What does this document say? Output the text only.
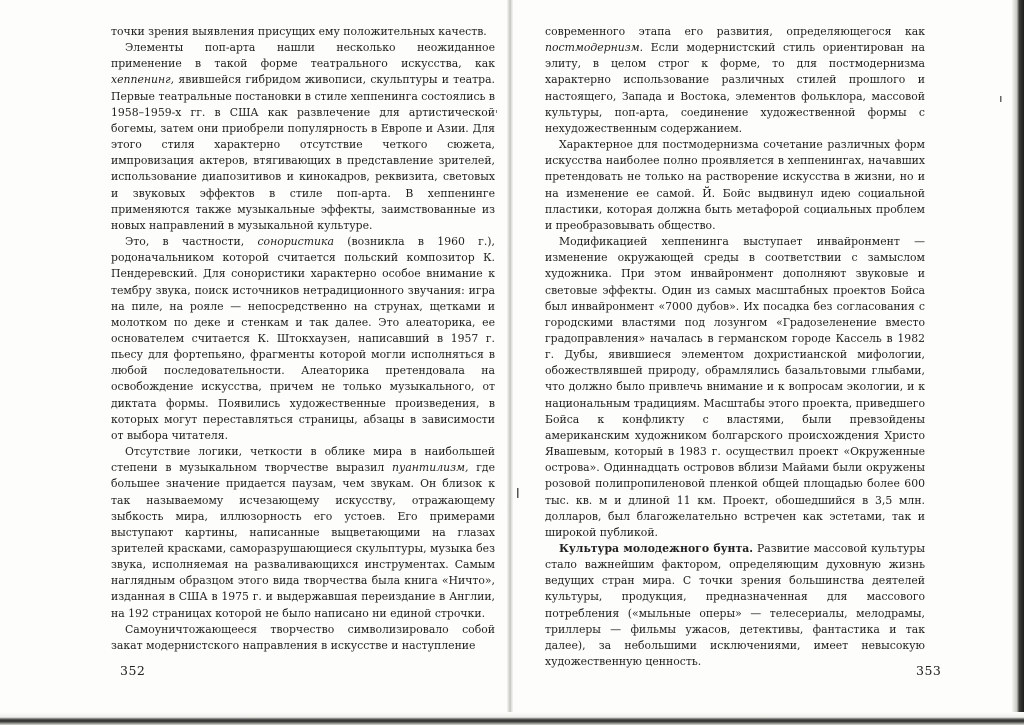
точки зрения выявления присущих ему положительных качеств.

Элементы поп-арта нашли несколько неожиданное применение в такой форме театрального искусства, как хеппенинг, явившейся гибридом живописи, скульптуры и театра. Первые театральные постановки в стиле хеппенинга состоялись в 1958–1959-х гг. в США как развлечение для артистической богемы, затем они приобрели популярность в Европе и Азии. Для этого стиля характерно отсутствие четкого сюжета, импровизация актеров, втягивающих в представление зрителей, использование диапозитивов и кинокадров, реквизита, световых и звуковых эффектов в стиле поп-арта. В хеппенинге применяются также музыкальные эффекты, заимствованные из новых направлений в музыкальной культуре.

Это, в частности, сонористика (возникла в 1960 г.), родоначальником которой считается польский композитор К. Пендеревский. Для сонористики характерно особое внимание к тембру звука, поиск источников нетрадиционного звучания: игра на пиле, на рояле — непосредственно на струнах, щетками и молотком по деке и стенкам и так далее. Это алеаторика, ее основателем считается К. Штокхаузен, написавший в 1957 г. пьесу для фортепьяно, фрагменты которой могли исполняться в любой последовательности. Алеаторика претендовала на освобождение искусства, причем не только музыкального, от диктата формы. Появились художественные произведения, в которых могут переставляться страницы, абзацы в зависимости от выбора читателя.

Отсутствие логики, четкости в облике мира в наибольшей степени в музыкальном творчестве выразил пуантилизм, где большее значение придается паузам, чем звукам. Он близок к так называемому исчезающему искусству, отражающему зыбкость мира, иллюзорность его устоев. Его примерами выступают картины, написанные выцветающими на глазах зрителей красками, саморазрушающиеся скульптуры, музыка без звука, исполняемая на разваливающихся инструментах. Самым наглядным образцом этого вида творчества была книга «Ничто», изданная в США в 1975 г. и выдержавшая переиздание в Англии, на 192 страницах которой не было написано ни единой строчки.

Самоуничтожающееся творчество символизировало собой закат модернистского направления в искусстве и наступление

352

современного этапа его развития, определяющегося как постмодернизм. Если модернистский стиль ориентирован на элиту, в целом строг к форме, то для постмодернизма характерно использование различных стилей прошлого и настоящего, Запада и Востока, элементов фольклора, массовой культуры, поп-арта, соединение художественной формы с нехудожественным содержанием.

Характерное для постмодернизма сочетание различных форм искусства наиболее полно проявляется в хеппенингах, начавших претендовать не только на растворение искусства в жизни, но и на изменение ее самой. Й. Бойс выдвинул идею социальной пластики, которая должна быть метафорой социальных проблем и преобразовывать общество.

Модификацией хеппенинга выступает инвайронмент — изменение окружающей среды в соответствии с замыслом художника. При этом инвайронмент дополняют звуковые и световые эффекты. Один из самых масштабных проектов Бойса был инвайронмент «7000 дубов». Их посадка без согласования с городскими властями под лозунгом «Градозеленение вместо градоправления» началась в германском городе Кассель в 1982 г. Дубы, явившиеся элементом дохристианской мифологии, обожествлявшей природу, обрамлялись базальтовыми глыбами, что должно было привлечь внимание и к вопросам экологии, и к национальным традициям. Масштабы этого проекта, приведшего Бойса к конфликту с властями, были превзойдены американским художником болгарского происхождения Христо Явашевым, который в 1983 г. осуществил проект «Окруженные острова». Одиннадцать островов вблизи Майами были окружены розовой полипропиленовой пленкой общей площадью более 600 тыс. кв. м и длиной 11 км. Проект, обошедшийся в 3,5 млн. долларов, был благожелательно встречен как эстетами, так и широкой публикой.

Культура молодежного бунта. Развитие массовой культуры стало важнейшим фактором, определяющим духовную жизнь ведущих стран мира. С точки зрения большинства деятелей культуры, продукция, предназначенная для массового потребления («мыльные оперы» — телесериалы, мелодрамы, триллеры — фильмы ужасов, детективы, фантастика и так далее), за небольшими исключениями, имеет невысокую художественную ценность.

353
